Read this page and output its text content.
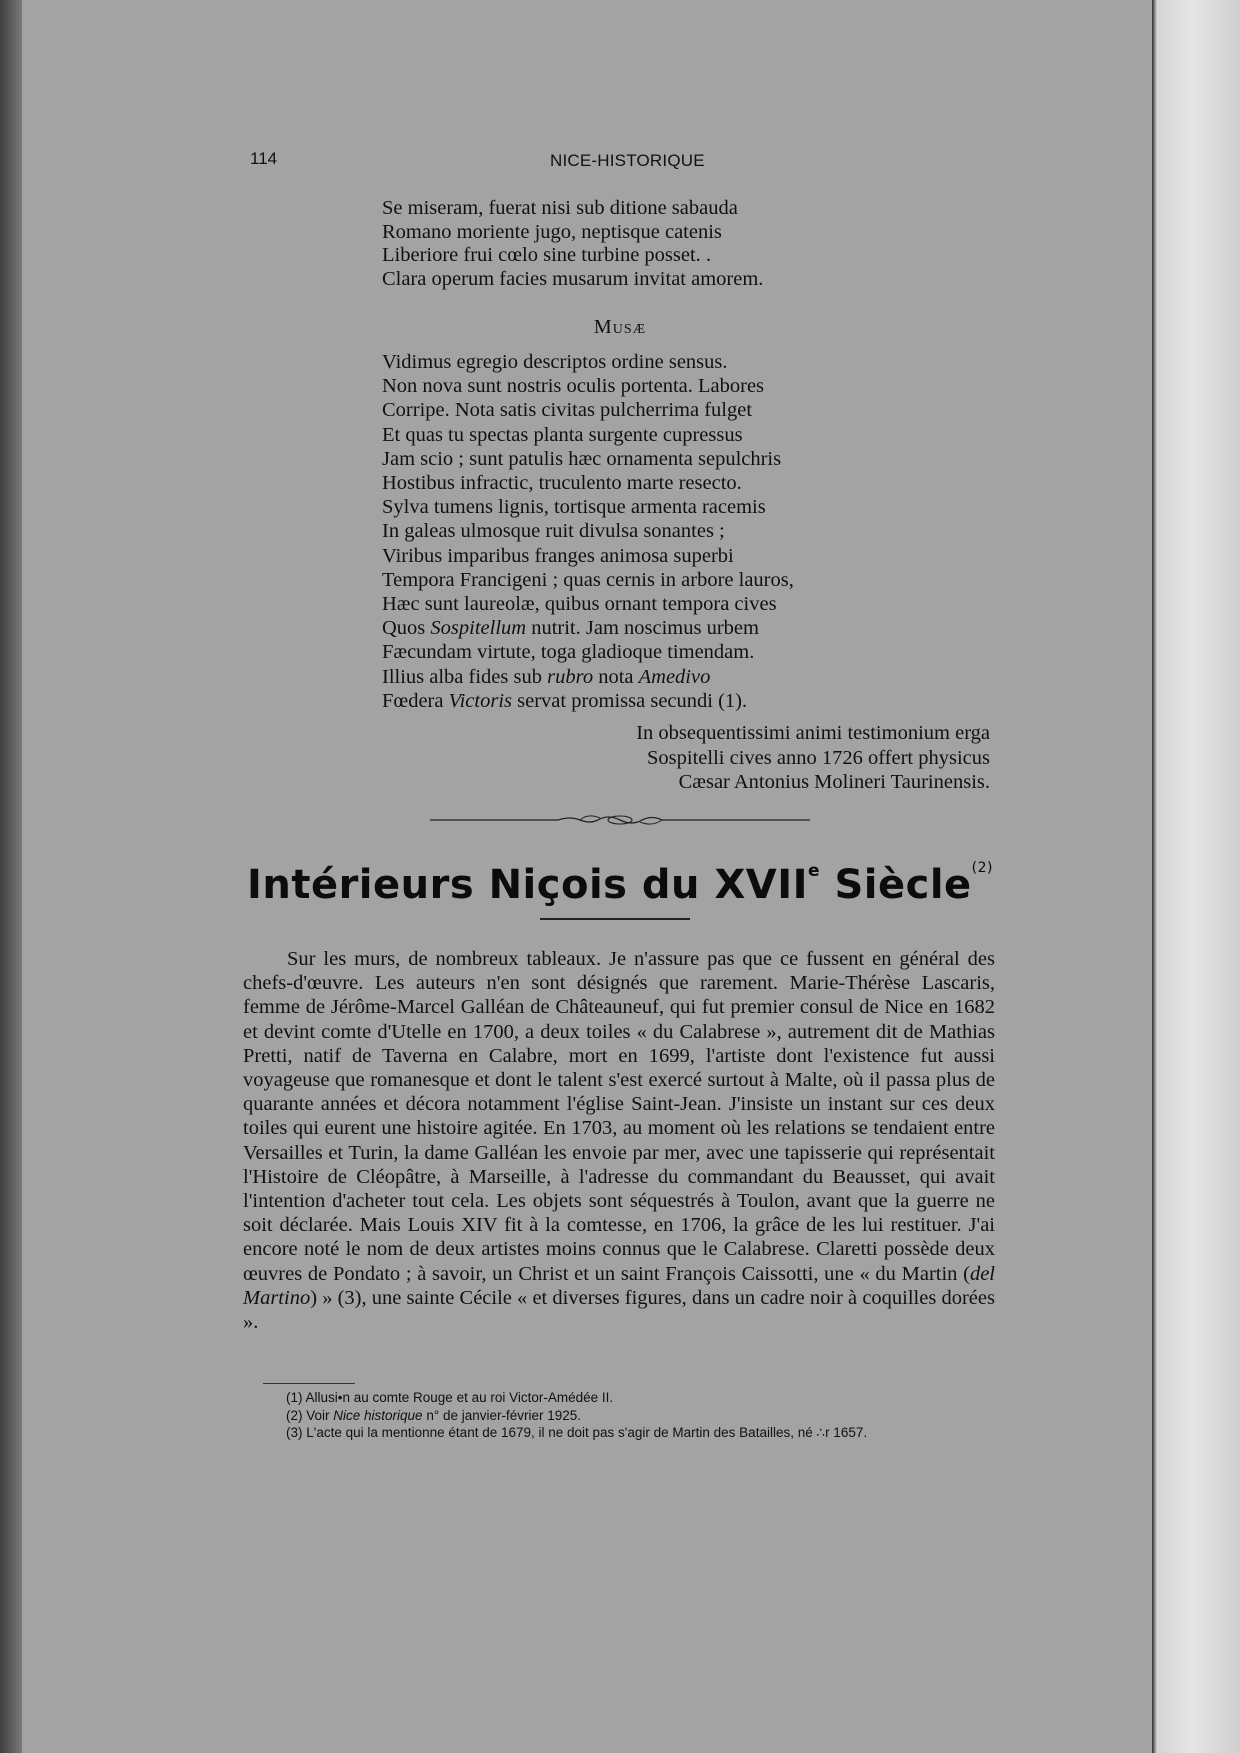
114	NICE-HISTORIQUE
Se miseram, fuerat nisi sub ditione sabauda
Romano moriente jugo, neptisque catenis
Liberiore frui cœlo sine turbine posset. .
Clara operum facies musarum invitat amorem.
Musæ
Vidimus egregio descriptos ordine sensus.
Non nova sunt nostris oculis portenta. Labores
Corripe. Nota satis civitas pulcherrima fulget
Et quas tu spectas planta surgente cupressus
Jam scio ; sunt patulis hæc ornamenta sepulchris
Hostibus infractic, truculento marte resecto.
Sylva tumens lignis, tortisque armenta racemis
In galeas ulmosque ruit divulsa sonantes ;
Viribus imparibus franges animosa superbi
Tempora Francigeni ; quas cernis in arbore lauros,
Hæc sunt laureolæ, quibus ornant tempora cives
Quos Sospitellum nutrit. Jam noscimus urbem
Fæcundam virtute, toga gladioque timendam.
Illius alba fides sub rubro nota Amedivo
Fœdera Victoris servat promissa secundi (1).
In obsequentissimi animi testimonium erga
Sospitelli cives anno 1726 offert physicus
Cæsar Antonius Molineri Taurinensis.
Intérieurs Niçois du XVIIe Siècle$^{(2)}$
Sur les murs, de nombreux tableaux. Je n'assure pas que ce fussent en général des chefs-d'œuvre. Les auteurs n'en sont désignés que rarement. Marie-Thérèse Lascaris, femme de Jérôme-Marcel Galléan de Châteauneuf, qui fut premier consul de Nice en 1682 et devint comte d'Utelle en 1700, a deux toiles « du Calabrese », autrement dit de Mathias Pretti, natif de Taverna en Calabre, mort en 1699, l'artiste dont l'existence fut aussi voyageuse que romanesque et dont le talent s'est exercé surtout à Malte, où il passa plus de quarante années et décora notamment l'église Saint-Jean. J'insiste un instant sur ces deux toiles qui eurent une histoire agitée. En 1703, au moment où les relations se tendaient entre Versailles et Turin, la dame Galléan les envoie par mer, avec une tapisserie qui représentait l'Histoire de Cléopâtre, à Marseille, à l'adresse du commandant du Beausset, qui avait l'intention d'acheter tout cela. Les objets sont séquestrés à Toulon, avant que la guerre ne soit déclarée. Mais Louis XIV fit à la comtesse, en 1706, la grâce de les lui restituer. J'ai encore noté le nom de deux artistes moins connus que le Calabrese. Claretti possède deux œuvres de Pondato ; à savoir, un Christ et un saint François Caissotti, une « du Martin (del Martino) » (3), une sainte Cécile « et diverses figures, dans un cadre noir à coquilles dorées ».
(1) Allusi•n au comte Rouge et au roi Victor-Amédée II.
(2) Voir Nice historique n° de janvier-février 1925.
(3) L'acte qui la mentionne étant de 1679, il ne doit pas s'agir de Martin des Batailles, né ∴r 1657.
